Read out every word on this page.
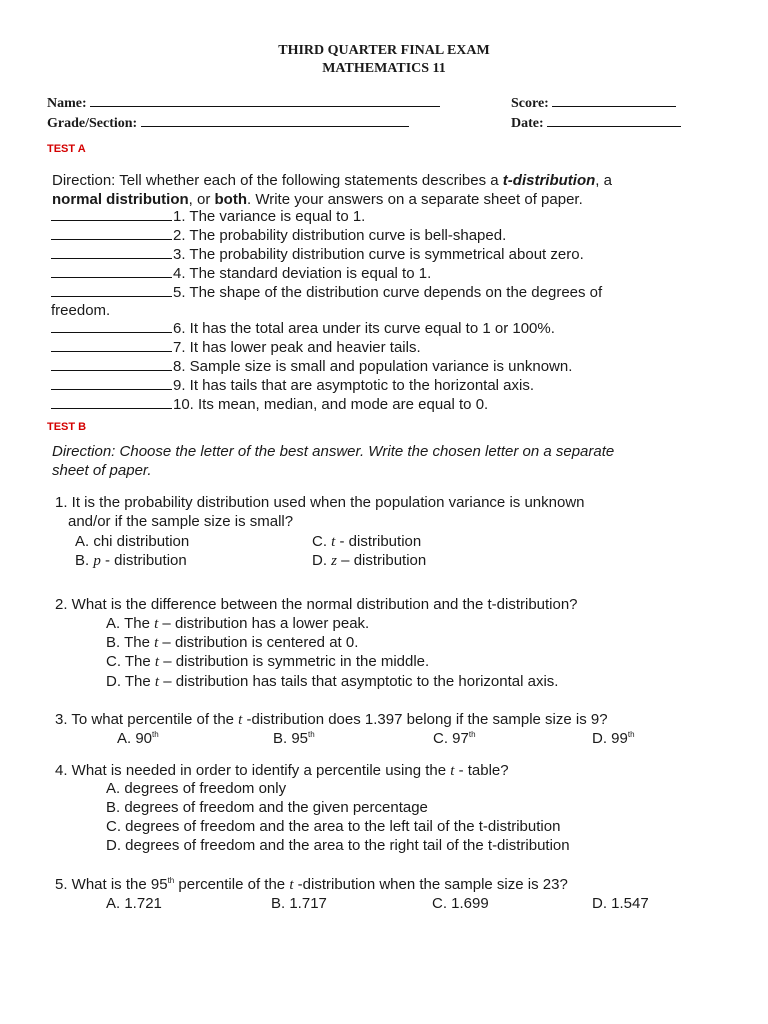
THIRD QUARTER FINAL EXAM
MATHEMATICS 11
Name:	Score:
Grade/Section:	Date:
TEST A
Direction: Tell whether each of the following statements describes a t-distribution, a
normal distribution, or both. Write your answers on a separate sheet of paper.
1. The variance is equal to 1.
2. The probability distribution curve is bell-shaped.
3. The probability distribution curve is symmetrical about zero.
4. The standard deviation is equal to 1.
5. The shape of the distribution curve depends on the degrees of
freedom.
6. It has the total area under its curve equal to 1 or 100%.
7. It has lower peak and heavier tails.
8. Sample size is small and population variance is unknown.
9. It has tails that are asymptotic to the horizontal axis.
10. Its mean, median, and mode are equal to 0.
TEST B
Direction: Choose the letter of the best answer. Write the chosen letter on a separate
sheet of paper.
1. It is the probability distribution used when the population variance is unknown
and/or if the sample size is small?
A. chi distribution	C. t - distribution
B. p - distribution	D. z – distribution
2. What is the difference between the normal distribution and the t-distribution?
A. The t – distribution has a lower peak.
B. The t – distribution is centered at 0.
C. The t – distribution is symmetric in the middle.
D. The t – distribution has tails that asymptotic to the horizontal axis.
3. To what percentile of the t -distribution does 1.397 belong if the sample size is 9?
A. 90th	B. 95th	C. 97th	D. 99th
4. What is needed in order to identify a percentile using the t - table?
A. degrees of freedom only
B. degrees of freedom and the given percentage
C. degrees of freedom and the area to the left tail of the t-distribution
D. degrees of freedom and the area to the right tail of the t-distribution
5. What is the 95th percentile of the t -distribution when the sample size is 23?
A. 1.721	B. 1.717	C. 1.699	D. 1.547
